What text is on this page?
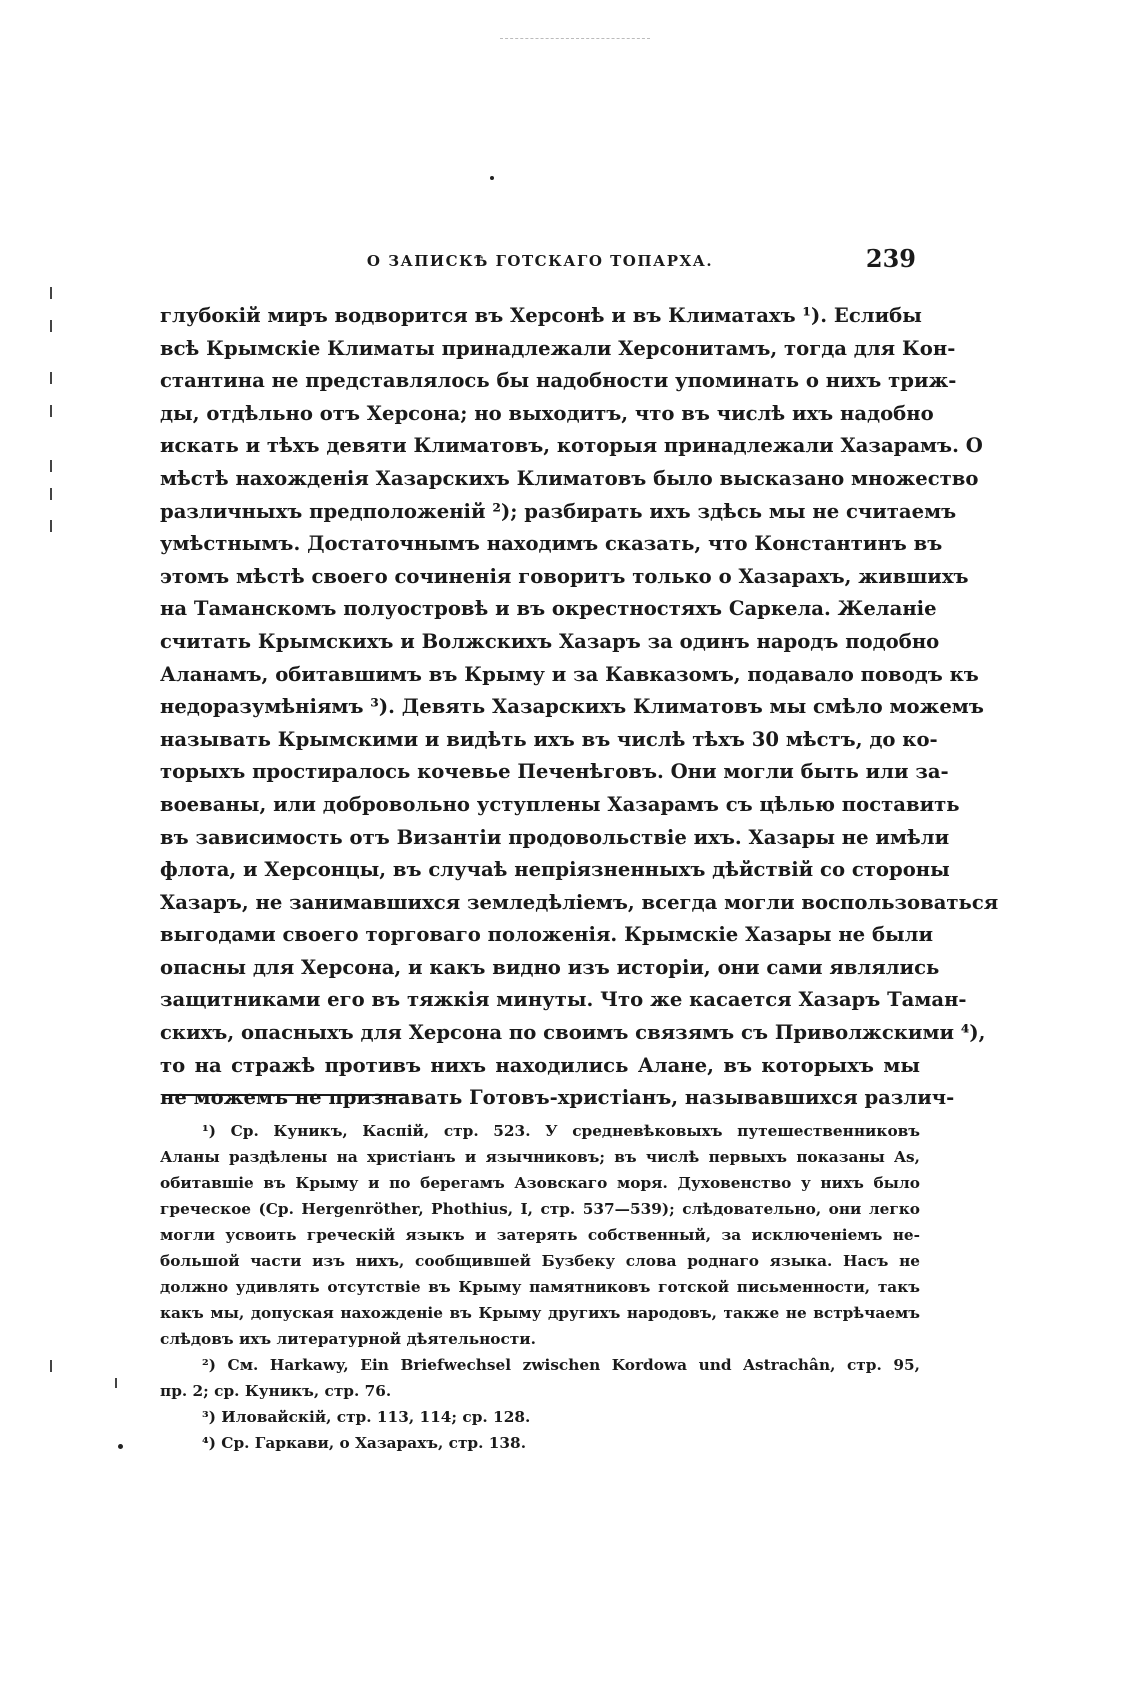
О ЗАПИСКѢ ГОТСКАГО ТОПАРХА.	239
глубокій миръ водворится въ Херсонѣ и въ Климатахъ ¹). Еслибы
всѣ Крымскіе Климаты принадлежали Херсонитамъ, тогда для Кон-
стантина не представлялось бы надобности упоминать о нихъ триж-
ды, отдѣльно отъ Херсона; но выходитъ, что въ числѣ ихъ надобно
искать и тѣхъ девяти Климатовъ, которыя принадлежали Хазарамъ. О
мѣстѣ нахожденія Хазарскихъ Климатовъ было высказано множество
различныхъ предположеній ²); разбирать ихъ здѣсь мы не считаемъ
умѣстнымъ. Достаточнымъ находимъ сказать, что Константинъ въ
этомъ мѣстѣ своего сочиненія говоритъ только о Хазарахъ, жившихъ
на Таманскомъ полуостровѣ и въ окрестностяхъ Саркела. Желаніе
считать Крымскихъ и Волжскихъ Хазаръ за одинъ народъ подобно
Аланамъ, обитавшимъ въ Крыму и за Кавказомъ, подавало поводъ къ
недоразумѣніямъ ³). Девять Хазарскихъ Климатовъ мы смѣло можемъ
называть Крымскими и видѣть ихъ въ числѣ тѣхъ 30 мѣстъ, до ко-
торыхъ простиралось кочевье Печенѣговъ. Они могли быть или за-
воеваны, или добровольно уступлены Хазарамъ съ цѣлью поставить
въ зависимость отъ Византіи продовольствіе ихъ. Хазары не имѣли
флота, и Херсонцы, въ случаѣ непріязненныхъ дѣйствій со стороны
Хазаръ, не занимавшихся земледѣліемъ, всегда могли воспользоваться
выгодами своего торговаго положенія. Крымскіе Хазары не были
опасны для Херсона, и какъ видно изъ исторіи, они сами являлись
защитниками его въ тяжкія минуты. Что же касается Хазаръ Таман-
скихъ, опасныхъ для Херсона по своимъ связямъ съ Приволжскими ⁴),
то на стражѣ противъ нихъ находились Алане, въ которыхъ мы
не можемъ не признавать Готовъ-христіанъ, называвшихся различ-
¹) Ср. Куникъ, Каспій, стр. 523. У средневѣковыхъ путешественниковъ
Аланы раздѣлены на христіанъ и язычниковъ; въ числѣ первыхъ показаны As,
обитавшіе въ Крыму и по берегамъ Азовскаго моря. Духовенство у нихъ было
греческое (Ср. Hergenröther, Phothius, I, стр. 537—539); слѣдовательно, они легко
могли усвоить греческій языкъ и затерять собственный, за исключеніемъ не-
большой части изъ нихъ, сообщившей Бузбеку слова роднаго языка. Насъ не
должно удивлять отсутствіе въ Крыму памятниковъ готской письменности, такъ
какъ мы, допуская нахожденіе въ Крыму другихъ народовъ, также не встрѣчаемъ
слѣдовъ ихъ литературной дѣятельности.
²) См. Harkawy, Ein Briefwechsel zwischen Kordowa und Astrachân, стр. 95,
пр. 2; ср. Куникъ, стр. 76.
³) Иловайскій, стр. 113, 114; ср. 128.
⁴) Ср. Гаркави, о Хазарахъ, стр. 138.
